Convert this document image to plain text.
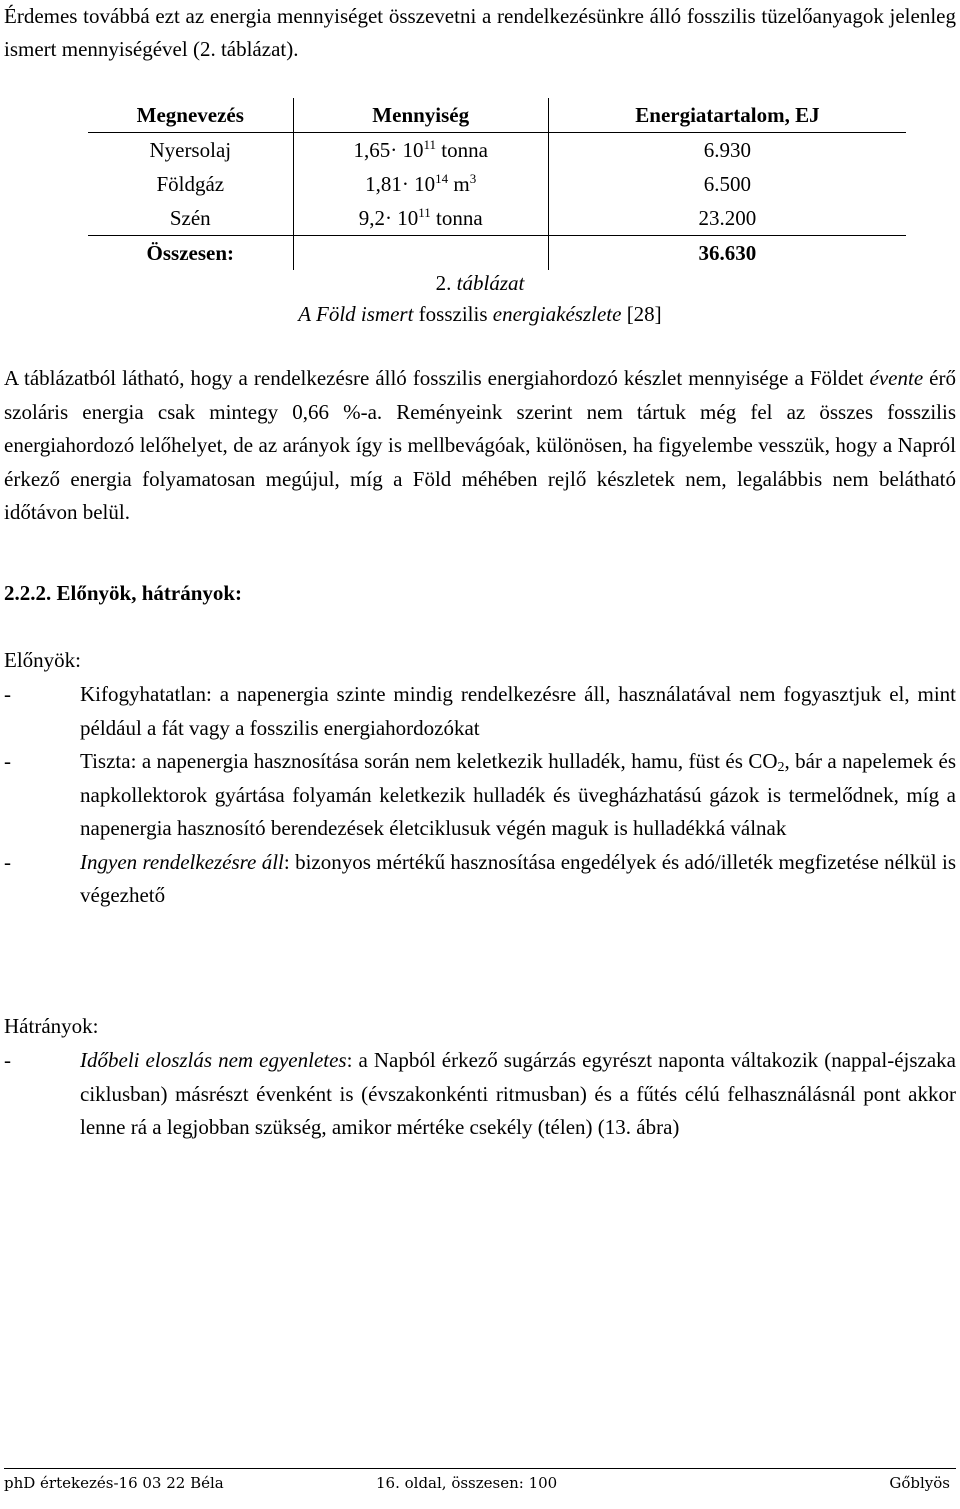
Érdemes továbbá ezt az energia mennyiséget összevetni a rendelkezésünkre álló fosszilis tüzelőanyagok jelenleg ismert mennyiségével (2. táblázat).

Megnevezés	Mennyiség	Energiatartalom, EJ
Nyersolaj	$1,65\cdot 10^{11}$ tonna	6.930
Földgáz	$1,81\cdot 10^{14}$ $m^3$	6.500
Szén	$9,2\cdot 10^{11}$ tonna	23.200
Összesen:		36.630
2. táblázat
A Föld ismert fosszilis energiakészlete [28]

A táblázatból látható, hogy a rendelkezésre álló fosszilis energiahordozó készlet mennyisége a Földet évente érő szoláris energia csak mintegy 0,66 %-a. Reményeink szerint nem tártuk még fel az összes fosszilis energiahordozó lelőhelyet, de az arányok így is mellbevágóak, különösen, ha figyelembe vesszük, hogy a Napról érkező energia folyamatosan megújul, míg a Föld méhében rejlő készletek nem, legalábbis nem belátható időtávon belül.

2.2.2. Előnyök, hátrányok:
Előnyök:
-	Kifogyhatatlan: a napenergia szinte mindig rendelkezésre áll, használatával nem fogyasztjuk el, mint például a fát vagy a fosszilis energiahordozókat
-	Tiszta: a napenergia hasznosítása során nem keletkezik hulladék, hamu, füst és $CO_2$, bár a napelemek és napkollektorok gyártása folyamán keletkezik hulladék és üvegházhatású gázok is termelődnek, míg a napenergia hasznosító berendezések életciklusuk végén maguk is hulladékká válnak
-	Ingyen rendelkezésre áll: bizonyos mértékű hasznosítása engedélyek és adó/illeték megfizetése nélkül is végezhető
Hátrányok:
-	Időbeli eloszlás nem egyenletes: a Napból érkező sugárzás egyrészt naponta váltakozik (nappal-éjszaka ciklusban) másrészt évenként is (évszakonkénti ritmusban) és a fűtés célú felhasználásnál pont akkor lenne rá a legjobban szükség, amikor mértéke csekély (télen) (13. ábra)
phD értekezés-16 03 22 Béla	16. oldal, összesen: 100	Gőblyös
